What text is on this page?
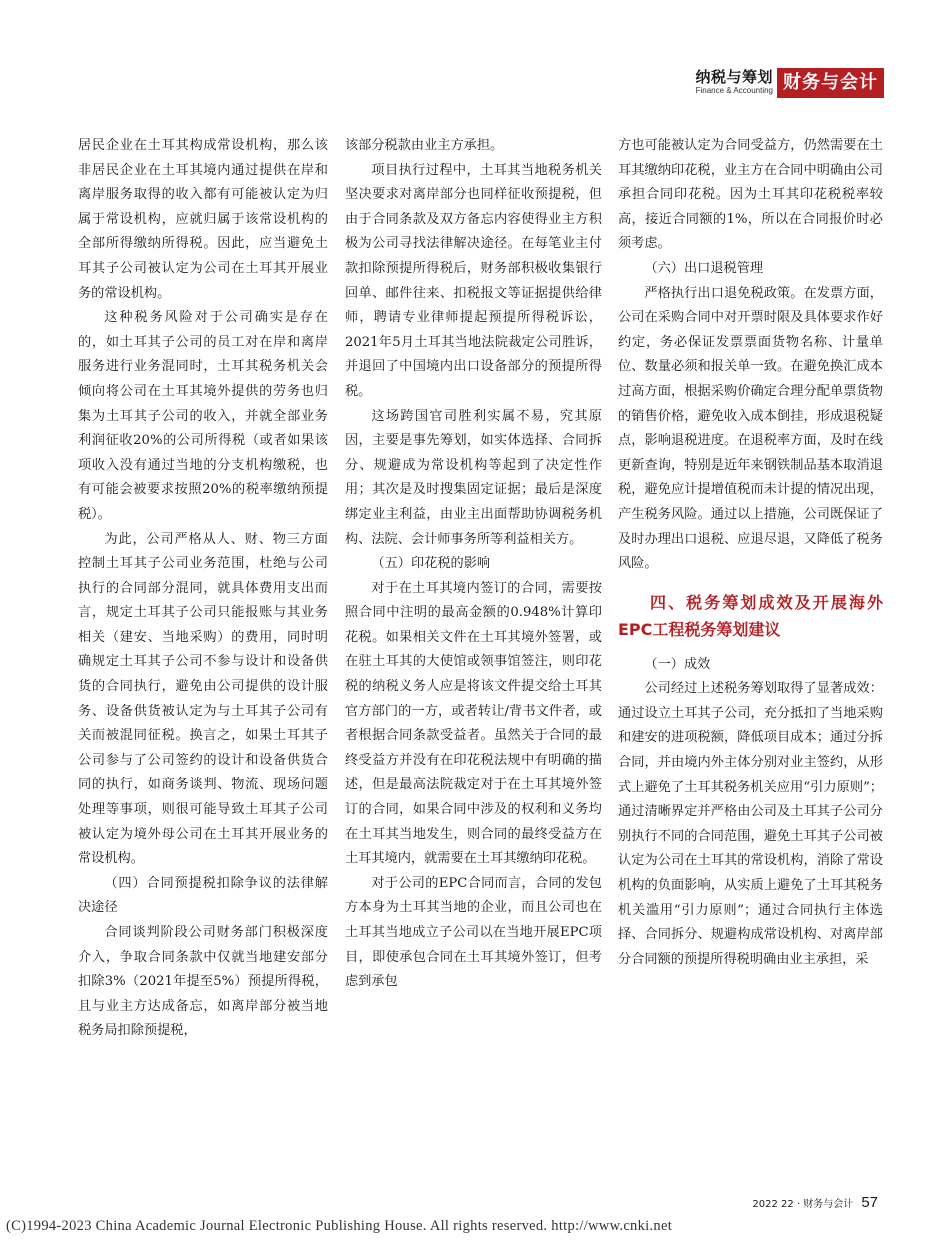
纳税与筹划
Finance & Accounting 财务与会计

居民企业在土耳其构成常设机构，那么该非居民企业在土耳其境内通过提供在岸和离岸服务取得的收入都有可能被认定为归属于常设机构，应就归属于该常设机构的全部所得缴纳所得税。因此，应当避免土耳其子公司被认定为公司在土耳其开展业务的常设机构。

这种税务风险对于公司确实是存在的，如土耳其子公司的员工对在岸和离岸服务进行业务混同时，土耳其税务机关会倾向将公司在土耳其境外提供的劳务也归集为土耳其子公司的收入，并就全部业务利润征收20%的公司所得税（或者如果该项收入没有通过当地的分支机构缴税，也有可能会被要求按照20%的税率缴纳预提税）。

为此，公司严格从人、财、物三方面控制土耳其子公司业务范围，杜绝与公司执行的合同部分混同，就具体费用支出而言，规定土耳其子公司只能报账与其业务相关（建安、当地采购）的费用，同时明确规定土耳其子公司不参与设计和设备供货的合同执行，避免由公司提供的设计服务、设备供货被认定为与土耳其子公司有关而被混同征税。换言之，如果土耳其子公司参与了公司签约的设计和设备供货合同的执行，如商务谈判、物流、现场问题处理等事项，则很可能导致土耳其子公司被认定为境外母公司在土耳其开展业务的常设机构。

（四）合同预提税扣除争议的法律解决途径

合同谈判阶段公司财务部门积极深度介入，争取合同条款中仅就当地建安部分扣除3%（2021年提至5%）预提所得税，且与业主方达成备忘，如离岸部分被当地税务局扣除预提税，

该部分税款由业主方承担。

项目执行过程中，土耳其当地税务机关坚决要求对离岸部分也同样征收预提税，但由于合同条款及双方备忘内容使得业主方积极为公司寻找法律解决途径。在每笔业主付款扣除预提所得税后，财务部积极收集银行回单、邮件往来、扣税报文等证据提供给律师，聘请专业律师提起预提所得税诉讼，2021年5月土耳其当地法院裁定公司胜诉，并退回了中国境内出口设备部分的预提所得税。

这场跨国官司胜利实属不易，究其原因，主要是事先筹划，如实体选择、合同拆分、规避成为常设机构等起到了决定性作用；其次是及时搜集固定证据；最后是深度绑定业主利益，由业主出面帮助协调税务机构、法院、会计师事务所等利益相关方。

（五）印花税的影响

对于在土耳其境内签订的合同，需要按照合同中注明的最高金额的0.948%计算印花税。如果相关文件在土耳其境外签署，或在驻土耳其的大使馆或领事馆签注，则印花税的纳税义务人应是将该文件提交给土耳其官方部门的一方，或者转让/背书文件者，或者根据合同条款受益者。虽然关于合同的最终受益方并没有在印花税法规中有明确的描述，但是最高法院裁定对于在土耳其境外签订的合同，如果合同中涉及的权利和义务均在土耳其当地发生，则合同的最终受益方在土耳其境内，就需要在土耳其缴纳印花税。

对于公司的EPC合同而言，合同的发包方本身为土耳其当地的企业，而且公司也在土耳其当地成立子公司以在当地开展EPC项目，即使承包合同在土耳其境外签订，但考虑到承包

方也可能被认定为合同受益方，仍然需要在土耳其缴纳印花税，业主方在合同中明确由公司承担合同印花税。因为土耳其印花税税率较高，接近合同额的1%，所以在合同报价时必须考虑。

（六）出口退税管理

严格执行出口退免税政策。在发票方面，公司在采购合同中对开票时限及具体要求作好约定，务必保证发票票面货物名称、计量单位、数量必须和报关单一致。在避免换汇成本过高方面，根据采购价确定合理分配单票货物的销售价格，避免收入成本倒挂，形成退税疑点，影响退税进度。在退税率方面，及时在线更新查询，特别是近年来钢铁制品基本取消退税，避免应计提增值税而未计提的情况出现，产生税务风险。通过以上措施，公司既保证了及时办理出口退税、应退尽退，又降低了税务风险。

四、税务筹划成效及开展海外EPC工程税务筹划建议

（一）成效

公司经过上述税务筹划取得了显著成效：通过设立土耳其子公司，充分抵扣了当地采购和建安的进项税额，降低项目成本；通过分拆合同，并由境内外主体分别对业主签约，从形式上避免了土耳其税务机关应用“引力原则”；通过清晰界定并严格由公司及土耳其子公司分别执行不同的合同范围，避免土耳其子公司被认定为公司在土耳其的常设机构，消除了常设机构的负面影响，从实质上避免了土耳其税务机关滥用“引力原则”；通过合同执行主体选择、合同拆分、规避构成常设机构、对离岸部分合同额的预提所得税明确由业主承担，采

2022 22 · 财务与会计 57
(C)1994-2023 China Academic Journal Electronic Publishing House. All rights reserved. http://www.cnki.net
